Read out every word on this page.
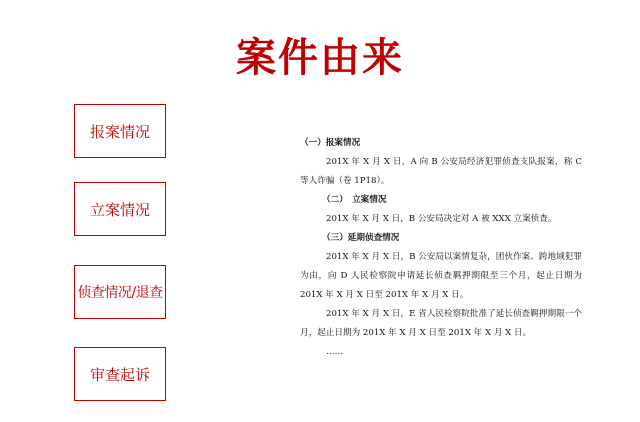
案件由来
报案情况
立案情况
侦查情况/退查
审查起诉

（一）报案情况

201X 年 X 月 X 日，A 向 B 公安局经济犯罪侦查支队报案，称 C 等人诈骗（卷 1P18）。

（二）　立案情况

201X 年 X 月 X 日，B 公安局决定对 A 被 XXX 立案侦查。

（三）延期侦查情况

201X 年 X 月 X 日，B 公安局以案情复杂，团伙作案、跨地域犯罪为由，向 D 人民检察院申请延长侦查羁押期限至三个月，起止日期为 201X 年 X 月 X 日至 201X 年 X 月 X 日。

201X 年 X 月 X 日，E 省人民检察院批准了延长侦查羁押期限一个月，起止日期为 201X 年 X 月 X 日至 201X 年 X 月 X 日。

……
